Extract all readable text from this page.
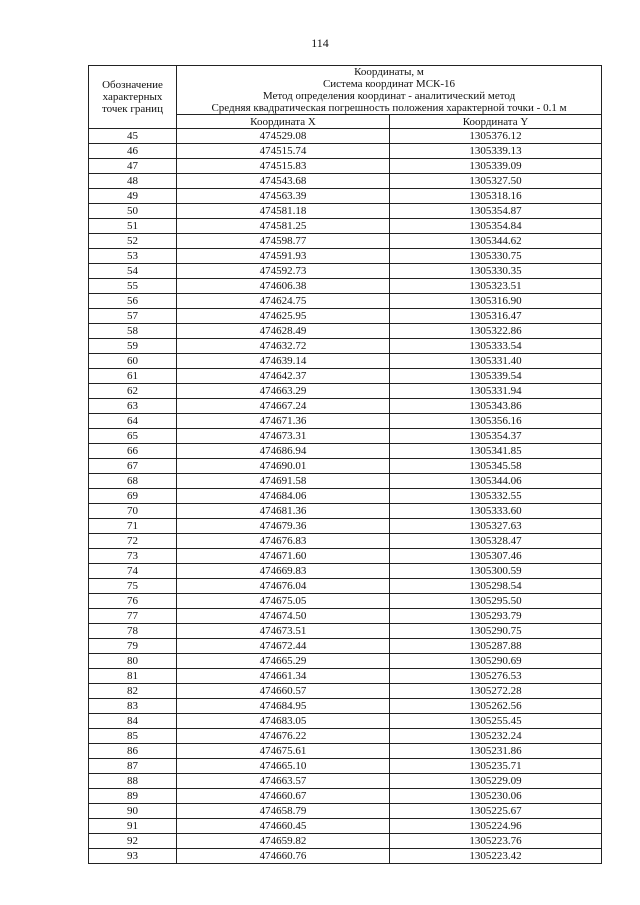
114
Обозначение
характерных
точек границ	Координаты, м
Система координат МСК-16
Метод определения координат - аналитический метод
Средняя квадратическая погрешность положения характерной точки - 0.1 м	

	Координата X	Координата Y
45	474529.08	1305376.12
46	474515.74	1305339.13
47	474515.83	1305339.09
48	474543.68	1305327.50
49	474563.39	1305318.16
50	474581.18	1305354.87
51	474581.25	1305354.84
52	474598.77	1305344.62
53	474591.93	1305330.75
54	474592.73	1305330.35
55	474606.38	1305323.51
56	474624.75	1305316.90
57	474625.95	1305316.47
58	474628.49	1305322.86
59	474632.72	1305333.54
60	474639.14	1305331.40
61	474642.37	1305339.54
62	474663.29	1305331.94
63	474667.24	1305343.86
64	474671.36	1305356.16
65	474673.31	1305354.37
66	474686.94	1305341.85
67	474690.01	1305345.58
68	474691.58	1305344.06
69	474684.06	1305332.55
70	474681.36	1305333.60
71	474679.36	1305327.63
72	474676.83	1305328.47
73	474671.60	1305307.46
74	474669.83	1305300.59
75	474676.04	1305298.54
76	474675.05	1305295.50
77	474674.50	1305293.79
78	474673.51	1305290.75
79	474672.44	1305287.88
80	474665.29	1305290.69
81	474661.34	1305276.53
82	474660.57	1305272.28
83	474684.95	1305262.56
84	474683.05	1305255.45
85	474676.22	1305232.24
86	474675.61	1305231.86
87	474665.10	1305235.71
88	474663.57	1305229.09
89	474660.67	1305230.06
90	474658.79	1305225.67
91	474660.45	1305224.96
92	474659.82	1305223.76
93	474660.76	1305223.42
